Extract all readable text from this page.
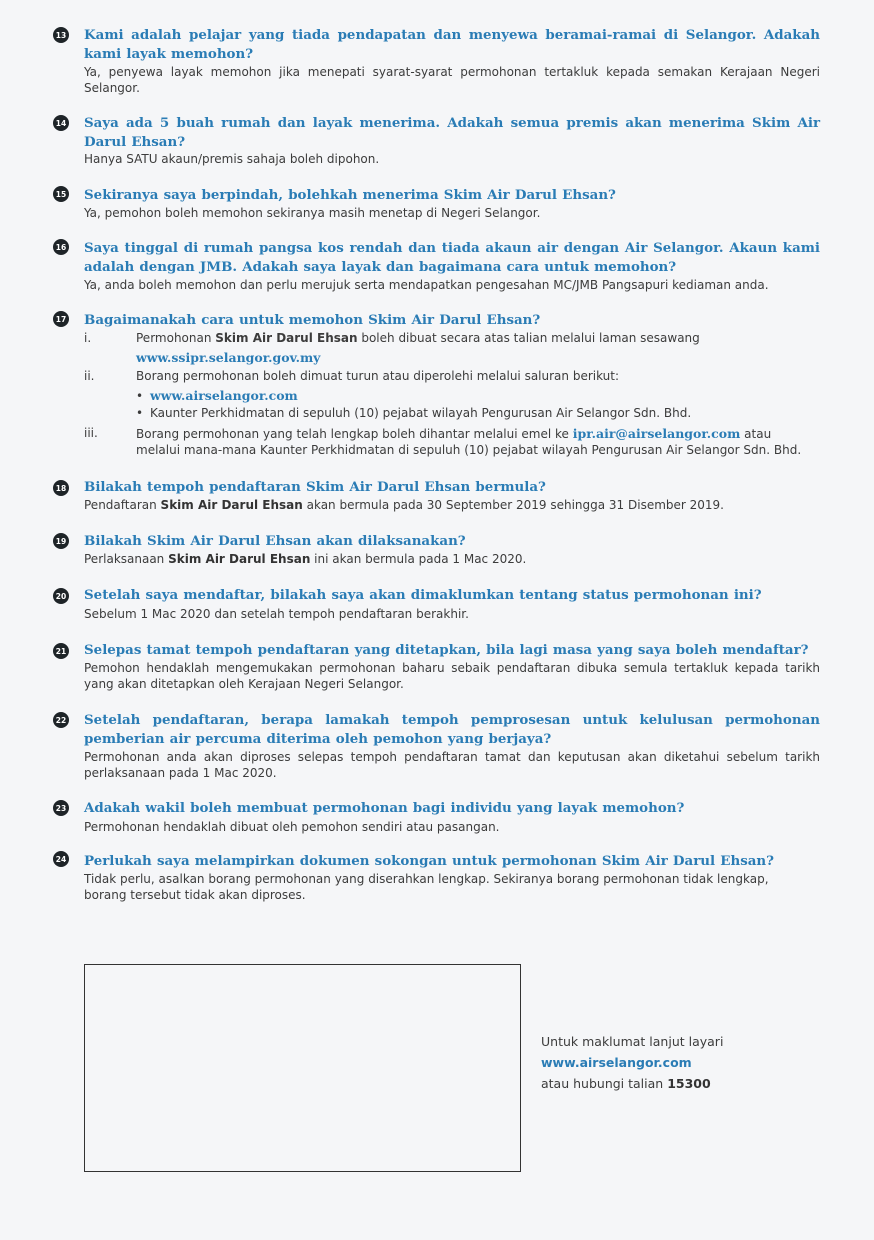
13 Kami adalah pelajar yang tiada pendapatan dan menyewa beramai-ramai di Selangor. Adakah kami layak memohon?

Ya, penyewa layak memohon jika menepati syarat-syarat permohonan tertakluk kepada semakan Kerajaan Negeri Selangor.

14 Saya ada 5 buah rumah dan layak menerima. Adakah semua premis akan menerima Skim Air Darul Ehsan?

Hanya SATU akaun/premis sahaja boleh dipohon.

15 Sekiranya saya berpindah, bolehkah menerima Skim Air Darul Ehsan?

Ya, pemohon boleh memohon sekiranya masih menetap di Negeri Selangor.

16 Saya tinggal di rumah pangsa kos rendah dan tiada akaun air dengan Air Selangor. Akaun kami adalah dengan JMB. Adakah saya layak dan bagaimana cara untuk memohon?

Ya, anda boleh memohon dan perlu merujuk serta mendapatkan pengesahan MC/JMB Pangsapuri kediaman anda.

17 Bagaimanakah cara untuk memohon Skim Air Darul Ehsan?

i.	Permohonan Skim Air Darul Ehsan boleh dibuat secara atas talian melalui laman sesawang
www.ssipr.selangor.gov.my
ii.	Borang permohonan boleh dimuat turun atau diperolehi melalui saluran berikut:
• www.airselangor.com
• Kaunter Perkhidmatan di sepuluh (10) pejabat wilayah Pengurusan Air Selangor Sdn. Bhd.
iii.	Borang permohonan yang telah lengkap boleh dihantar melalui emel ke ipr.air@airselangor.com atau
melalui mana-mana Kaunter Perkhidmatan di sepuluh (10) pejabat wilayah Pengurusan Air Selangor Sdn. Bhd.
18 Bilakah tempoh pendaftaran Skim Air Darul Ehsan bermula?

Pendaftaran Skim Air Darul Ehsan akan bermula pada 30 September 2019 sehingga 31 Disember 2019.

19 Bilakah Skim Air Darul Ehsan akan dilaksanakan?

Perlaksanaan Skim Air Darul Ehsan ini akan bermula pada 1 Mac 2020.

20 Setelah saya mendaftar, bilakah saya akan dimaklumkan tentang status permohonan ini?

Sebelum 1 Mac 2020 dan setelah tempoh pendaftaran berakhir.

21 Selepas tamat tempoh pendaftaran yang ditetapkan, bila lagi masa yang saya boleh mendaftar?

Pemohon hendaklah mengemukakan permohonan baharu sebaik pendaftaran dibuka semula tertakluk kepada tarikh yang akan ditetapkan oleh Kerajaan Negeri Selangor.

22 Setelah pendaftaran, berapa lamakah tempoh pemprosesan untuk kelulusan permohonan pemberian air percuma diterima oleh pemohon yang berjaya?

Permohonan anda akan diproses selepas tempoh pendaftaran tamat dan keputusan akan diketahui sebelum tarikh perlaksanaan pada 1 Mac 2020.

23 Adakah wakil boleh membuat permohonan bagi individu yang layak memohon?

Permohonan hendaklah dibuat oleh pemohon sendiri atau pasangan.

24 Perlukah saya melampirkan dokumen sokongan untuk permohonan Skim Air Darul Ehsan?

Tidak perlu, asalkan borang permohonan yang diserahkan lengkap. Sekiranya borang permohonan tidak lengkap,
borang tersebut tidak akan diproses.

Untuk maklumat lanjut layari
www.airselangor.com
atau hubungi talian 15300
